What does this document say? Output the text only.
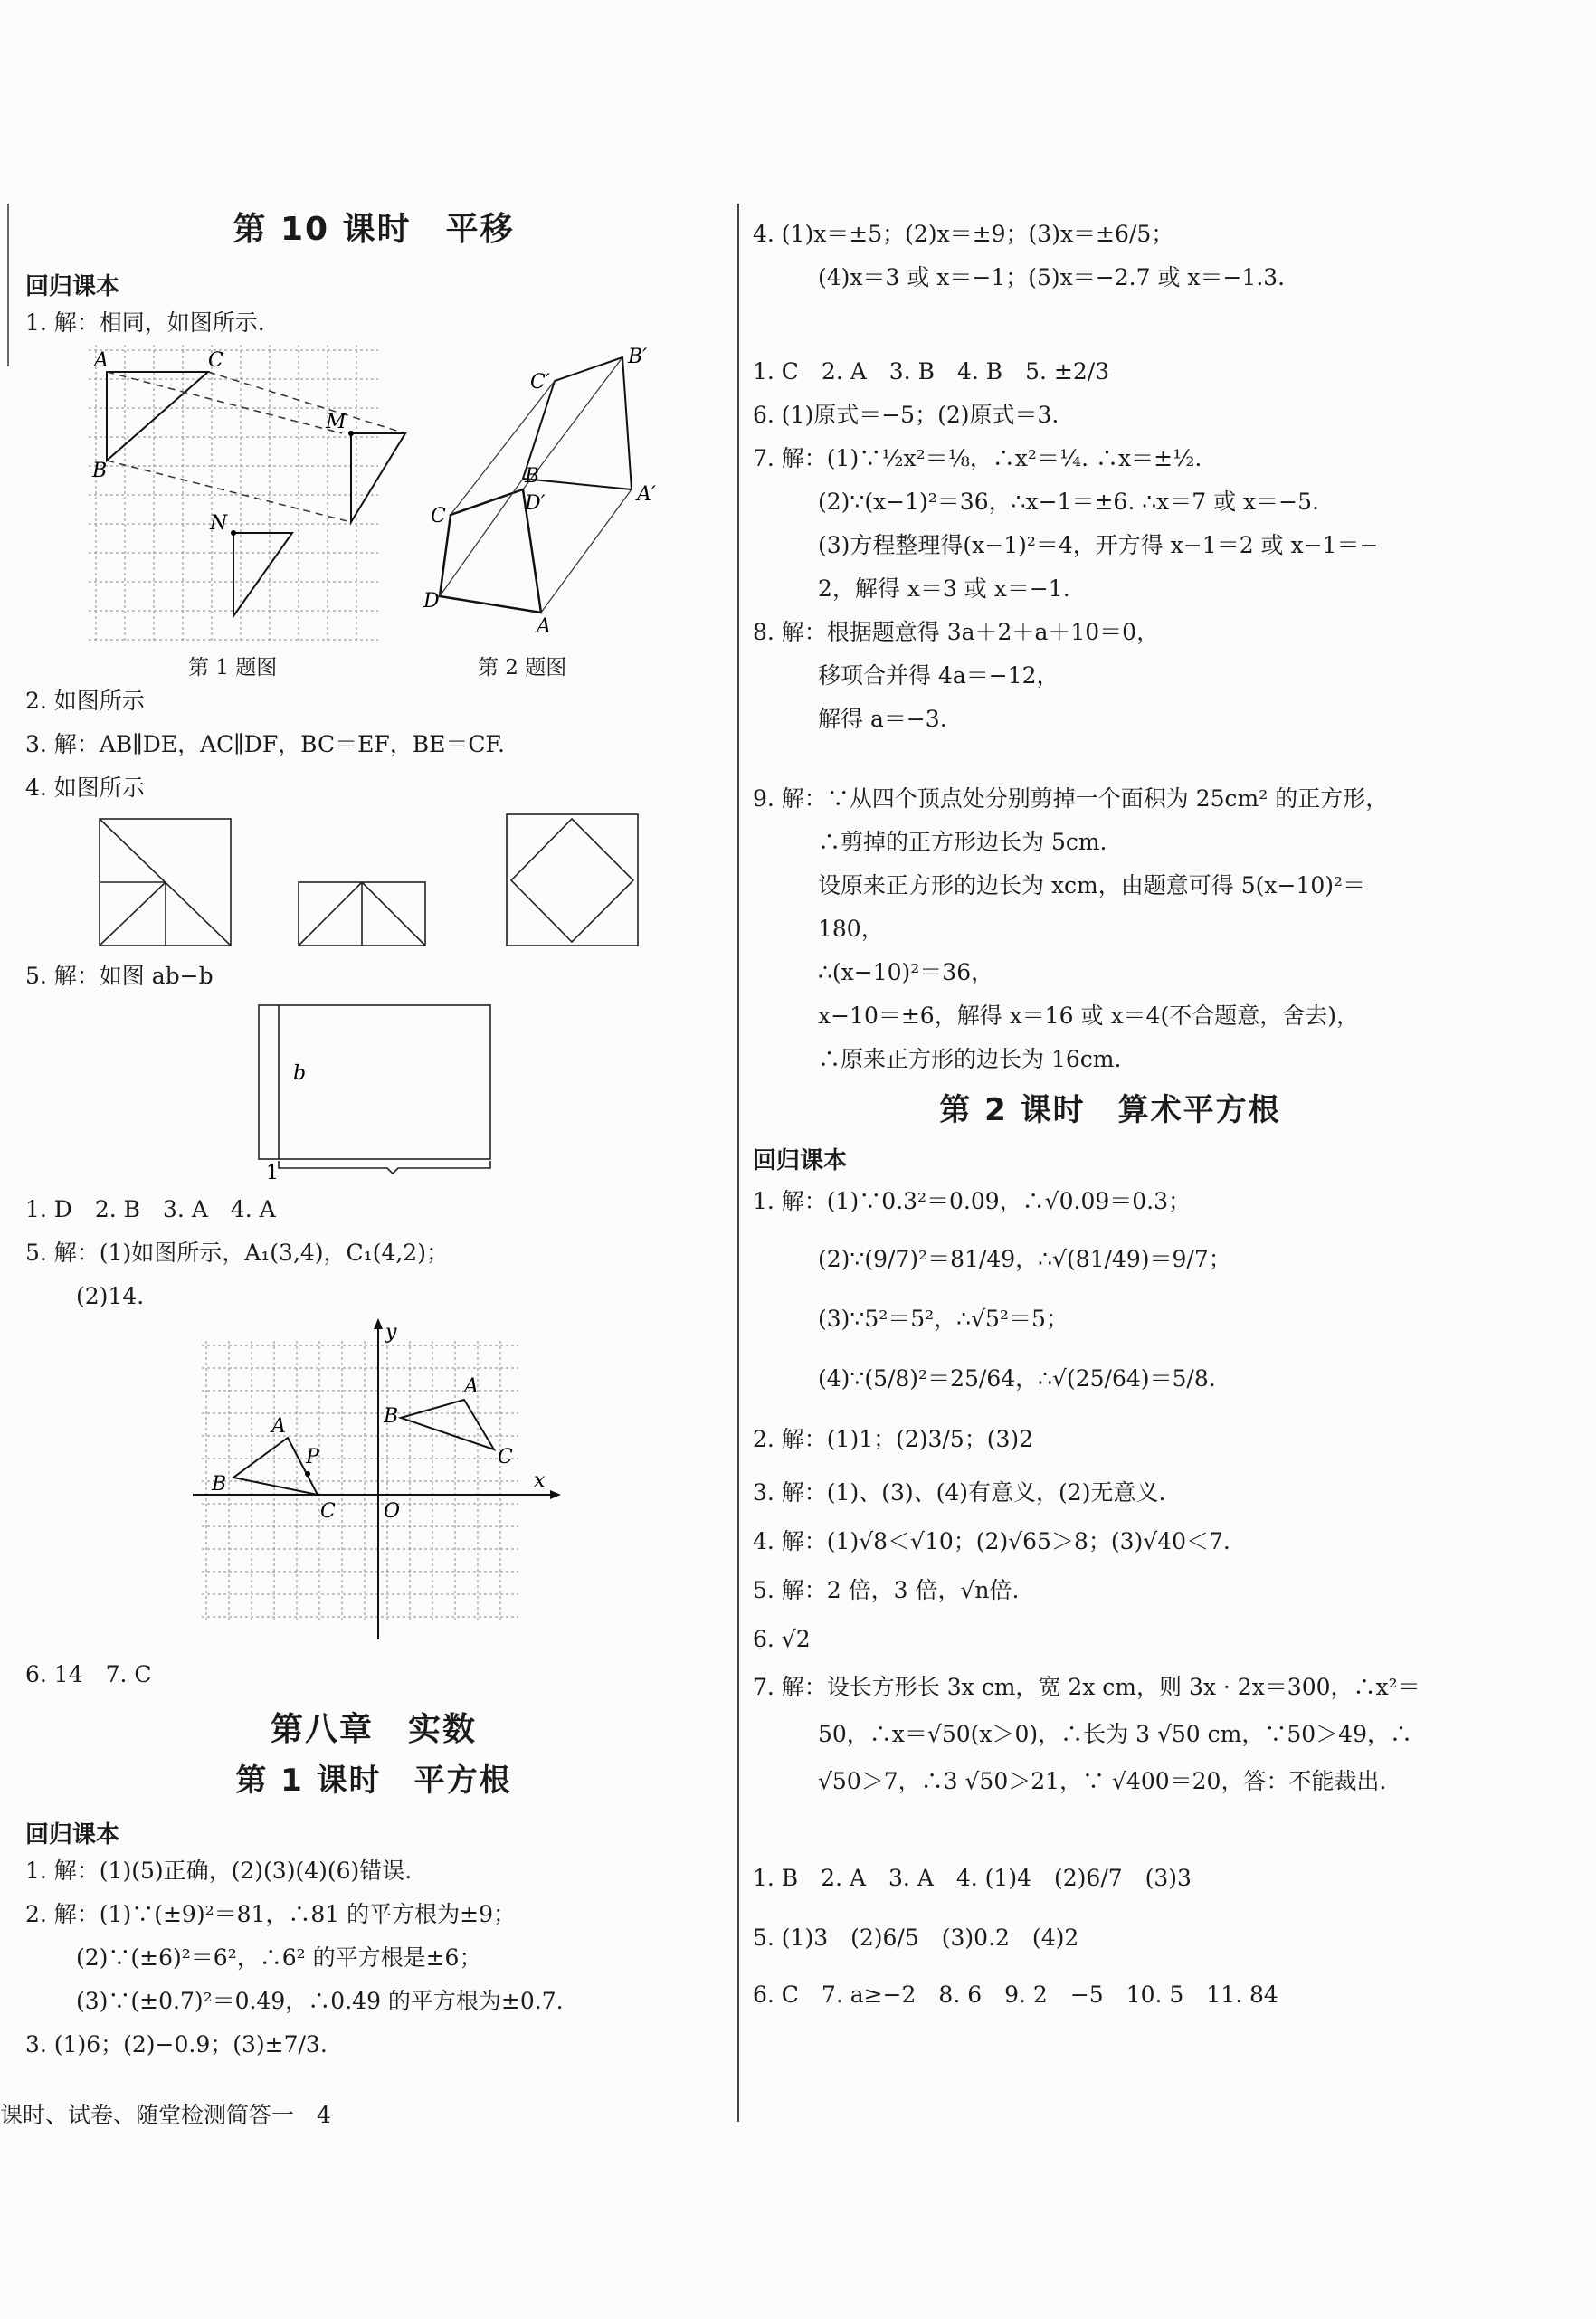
第 10 课时　平移
回归课本
1. 解：相同，如图所示.
A	C
M
B
N
B′
C′
B
D′	A′
C
D
A
第 1 题图	第 2 题图
2. 如图所示
3. 解：AB∥DE，AC∥DF，BC＝EF，BE＝CF.
4. 如图所示
5. 解：如图 ab−b
b
1
1. D　2. B　3. A　4. A
5. 解：(1)如图所示，A₁(3,4)，C₁(4,2)；
(2)14.
y
A
B
C
A
P
B
C O
x
6. 14　7. C
第八章　实数
第 1 课时　平方根
回归课本
1. 解：(1)(5)正确，(2)(3)(4)(6)错误.
2. 解：(1)∵(±9)²＝81，∴81 的平方根为±9；
(2)∵(±6)²＝6²，∴6² 的平方根是±6；
(3)∵(±0.7)²＝0.49，∴0.49 的平方根为±0.7.
3. (1)6；(2)−0.9；(3)±7/3.
4. (1)x＝±5；(2)x＝±9；(3)x＝±6/5；
(4)x＝3 或 x＝−1；(5)x＝−2.7 或 x＝−1.3.
1. C　2. A　3. B　4. B　5. ±2/3
6. (1)原式＝−5；(2)原式＝3.
7. 解：(1)∵½x²＝⅛，∴x²＝¼. ∴x＝±½.
(2)∵(x−1)²＝36，∴x−1＝±6. ∴x＝7 或 x＝−5.
(3)方程整理得(x−1)²＝4，开方得 x−1＝2 或 x−1＝−
2，解得 x＝3 或 x＝−1.
8. 解：根据题意得 3a＋2＋a＋10＝0，
移项合并得 4a＝−12，
解得 a＝−3.
9. 解：∵从四个顶点处分别剪掉一个面积为 25cm² 的正方形，
∴剪掉的正方形边长为 5cm.
设原来正方形的边长为 xcm，由题意可得 5(x−10)²＝
180，
∴(x−10)²＝36，
x−10＝±6，解得 x＝16 或 x＝4(不合题意，舍去)，
∴原来正方形的边长为 16cm.
第 2 课时　算术平方根
回归课本
1. 解：(1)∵0.3²＝0.09，∴√0.09＝0.3；
(2)∵(9/7)²＝81/49，∴√(81/49)＝9/7；
(3)∵5²＝5²，∴√5²＝5；
(4)∵(5/8)²＝25/64，∴√(25/64)＝5/8.
2. 解：(1)1；(2)3/5；(3)2
3. 解：(1)、(3)、(4)有意义，(2)无意义.
4. 解：(1)√8＜√10；(2)√65＞8；(3)√40＜7.
5. 解：2 倍，3 倍，√n倍.
6. √2
7. 解：设长方形长 3x cm，宽 2x cm，则 3x · 2x＝300，∴x²＝
50，∴x＝√50(x＞0)，∴长为 3 √50 cm，∵50＞49，∴
√50＞7，∴3 √50＞21，∵ √400＝20，答：不能裁出.
1. B　2. A　3. A　4. (1)4　(2)6/7　(3)3
5. (1)3　(2)6/5　(3)0.2　(4)2
6. C　7. a≥−2　8. 6　9. 2　−5　10. 5　11. 84
课时、试卷、随堂检测简答一　4
